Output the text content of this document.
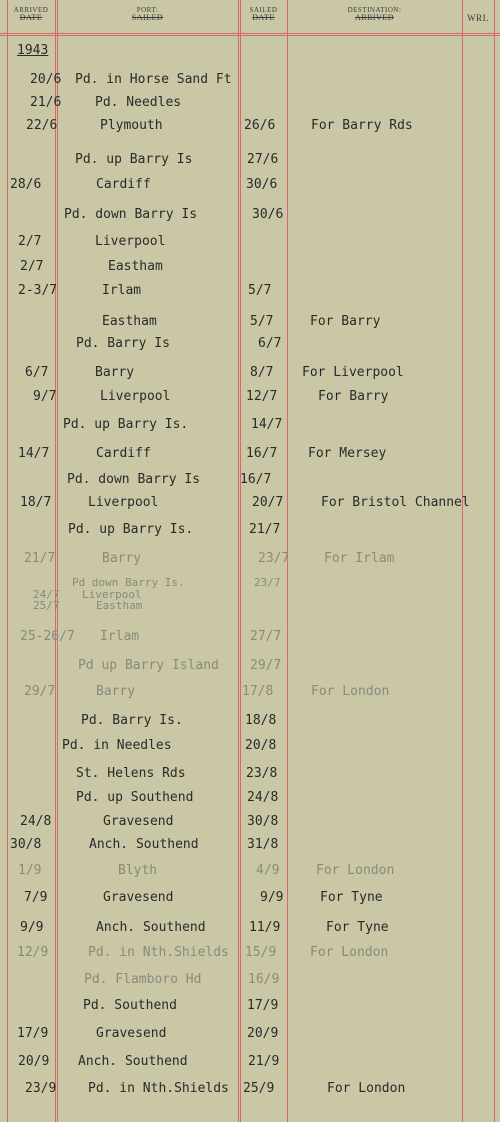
ARRIVED
DATE
PORT:
SAILED
SAILED
DATE
DESTINATION:
ARRIVED	WRI.
1943
20/6 Pd. in Horse Sand Ft
21/6	Pd. Needles
22/6	Plymouth	26/6	For Barry Rds
Pd. up Barry Is	27/6
28/6	Cardiff	30/6
Pd. down Barry Is	30/6
2/7	Liverpool
2/7	Eastham
2-3/7	Irlam	5/7
Eastham	5/7	For Barry
Pd. Barry Is	6/7
6/7	Barry	8/7 For Liverpool
9/7	Liverpool	12/7	For Barry
Pd. up Barry Is.	14/7
14/7	Cardiff	16/7 For Mersey
Pd. down Barry Is	16/7
18/7	Liverpool	20/7	For Bristol Channel
Pd. up Barry Is.	21/7
21/7	Barry	23/7	For Irlam
Pd down Barry Is.	23/7
24/7 Liverpool
25/7	Eastham
25-26/7 Irlam	27/7
Pd up Barry Island 29/7
29/7	Barry	17/8	For London
Pd. Barry Is.	18/8
Pd. in Needles	20/8
St. Helens Rds	23/8
Pd. up Southend	24/8
24/8	Gravesend	30/8
30/8	Anch. Southend	31/8
1/9	Blyth	4/9	For London
7/9	Gravesend	9/9	For Tyne
9/9	Anch. Southend	11/9	For Tyne
12/9	Pd. in Nth.Shields 15/9	For London
Pd. Flamboro Hd	16/9
Pd. Southend	17/9
17/9	Gravesend	20/9
20/9 Anch. Southend	21/9
23/9 Pd. in Nth.Shields 25/9	For London
